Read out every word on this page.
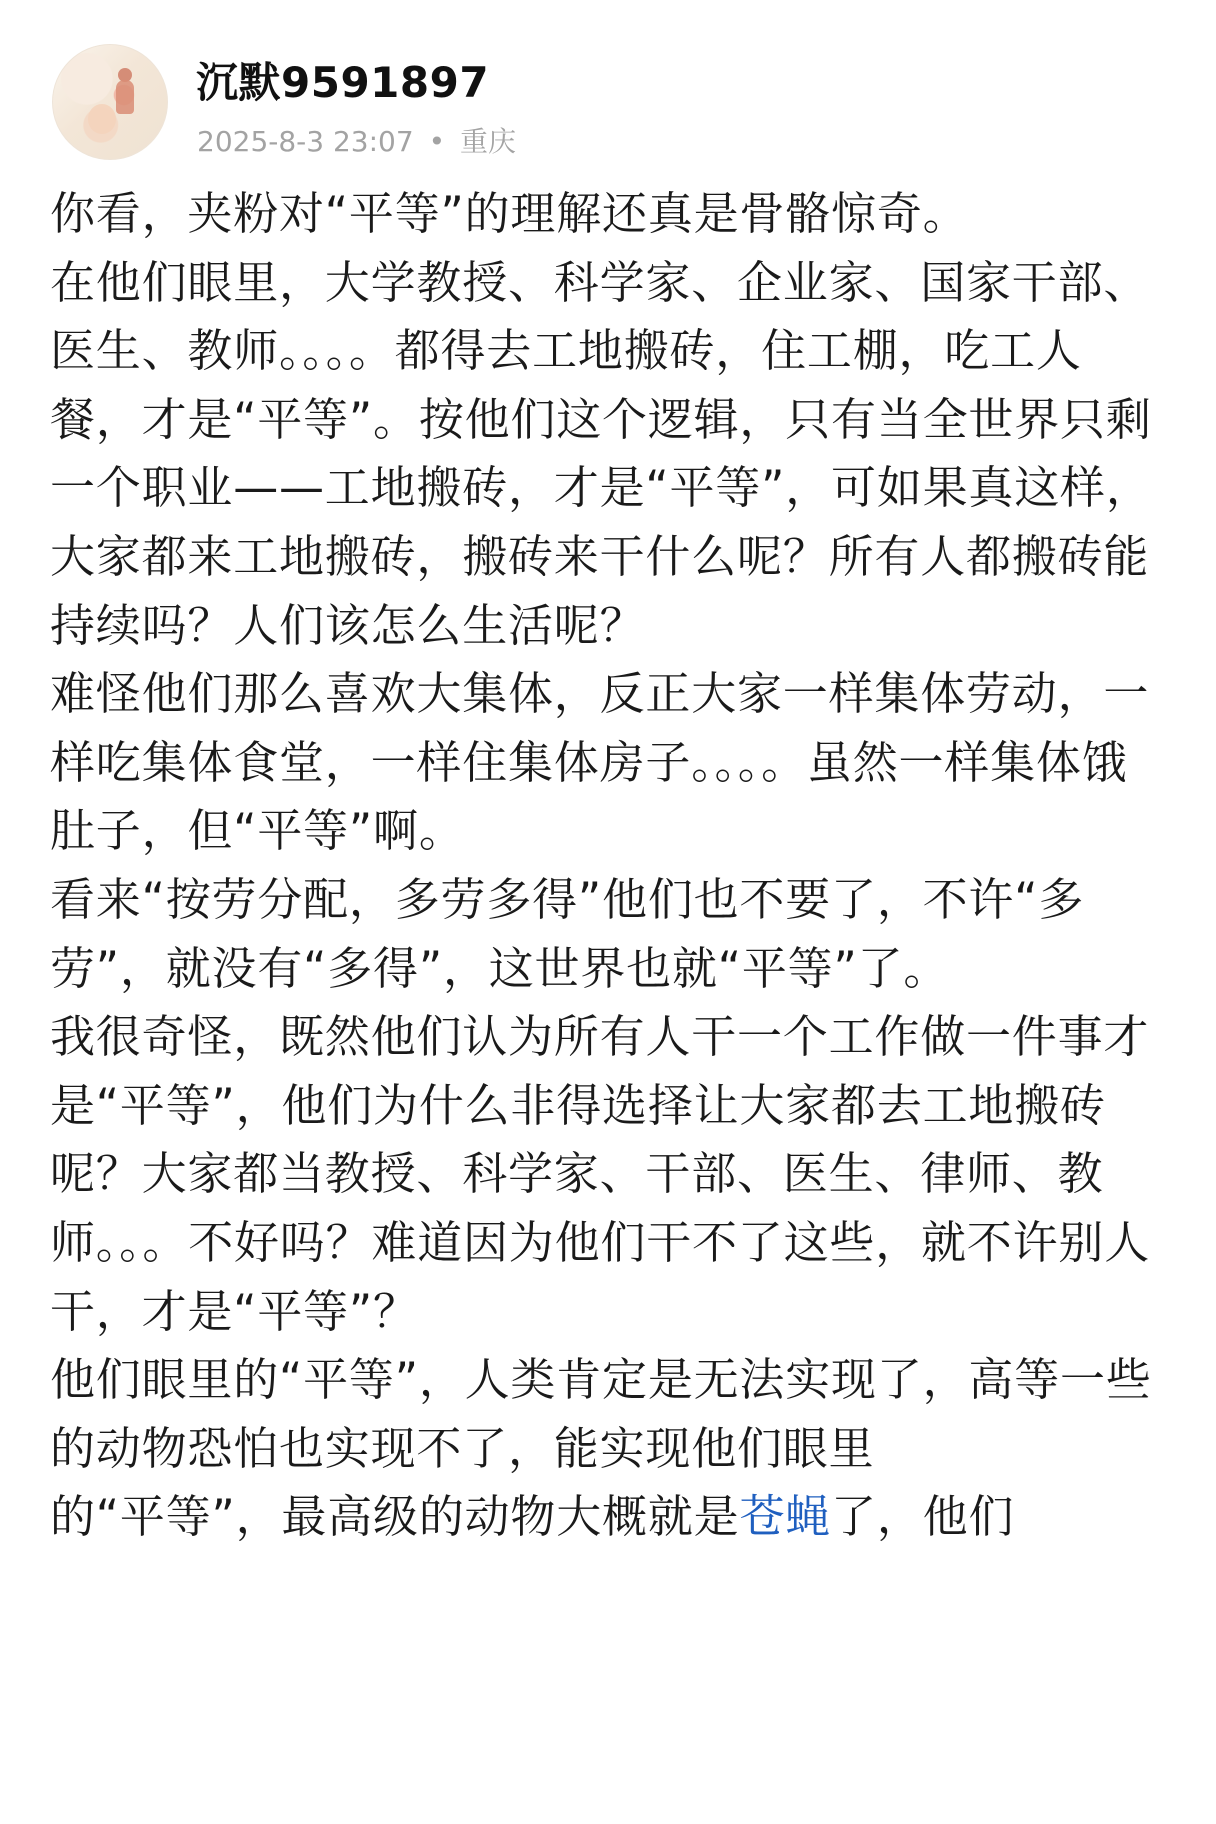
沉默9591897
2025-8-3 23:07 • 重庆

你看，夹粉对“平等”的理解还真是骨骼惊奇。

在他们眼里，大学教授、科学家、企业家、国家干部、医生、教师。。。。都得去工地搬砖，住工棚，吃工人餐，才是“平等”。按他们这个逻辑，只有当全世界只剩一个职业——工地搬砖，才是“平等”，可如果真这样，大家都来工地搬砖，搬砖来干什么呢？所有人都搬砖能持续吗？人们该怎么生活呢？

难怪他们那么喜欢大集体，反正大家一样集体劳动，一样吃集体食堂，一样住集体房子。。。。虽然一样集体饿肚子，但“平等”啊。

看来“按劳分配，多劳多得”他们也不要了，不许“多劳”，就没有“多得”，这世界也就“平等”了。

我很奇怪，既然他们认为所有人干一个工作做一件事才是“平等”，他们为什么非得选择让大家都去工地搬砖呢？大家都当教授、科学家、干部、医生、律师、教师。。。不好吗？难道因为他们干不了这些，就不许别人干，才是“平等”？

他们眼里的“平等”，人类肯定是无法实现了，高等一些的动物恐怕也实现不了，能实现他们眼里

的“平等”，最高级的动物大概就是苍蝇了，他们
